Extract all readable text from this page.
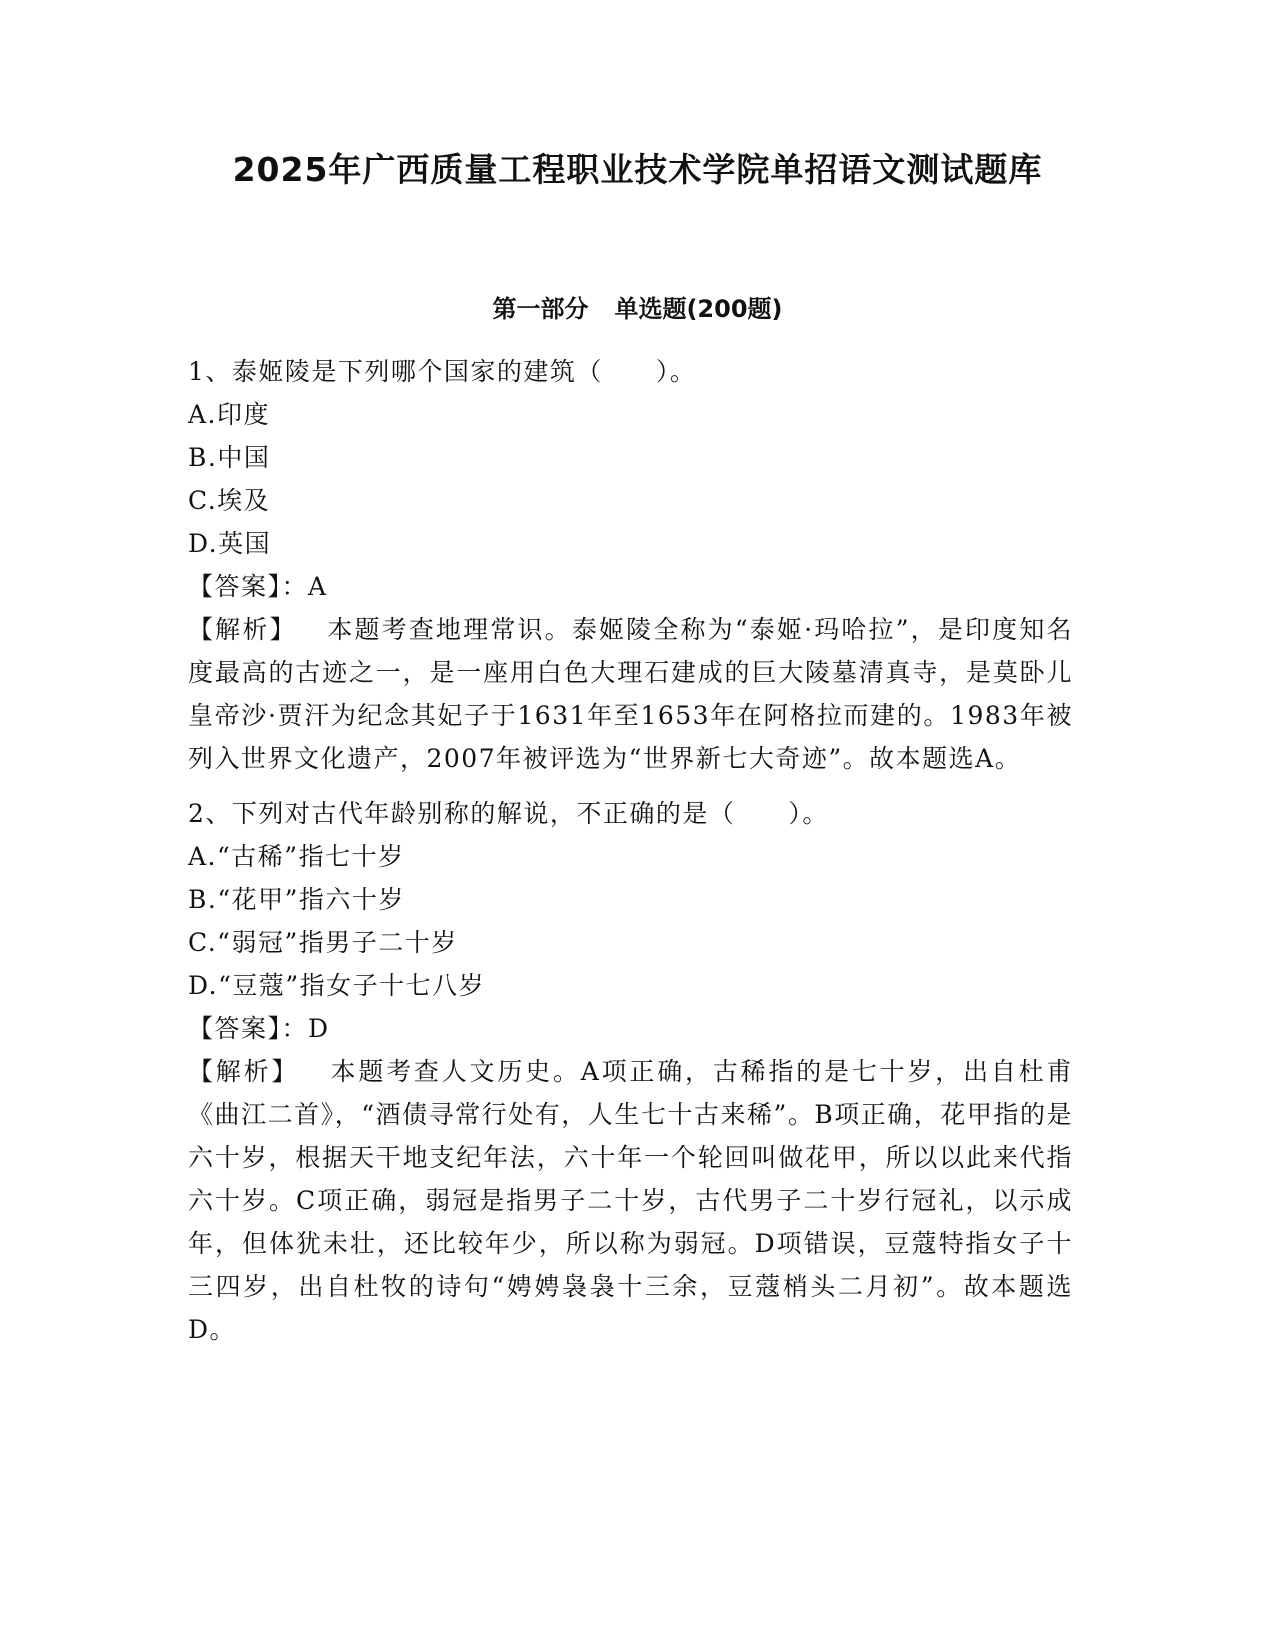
2025年广西质量工程职业技术学院单招语文测试题库
第一部分 单选题(200题)
1、泰姬陵是下列哪个国家的建筑（　　）。
A.印度
B.中国
C.埃及
D.英国
【答案】：A

【解析】 本题考查地理常识。泰姬陵全称为“泰姬·玛哈拉”，是印度知名度最高的古迹之一，是一座用白色大理石建成的巨大陵墓清真寺，是莫卧儿皇帝沙·贾汗为纪念其妃子于1631年至1653年在阿格拉而建的。1983年被列入世界文化遗产，2007年被评选为“世界新七大奇迹”。故本题选A。

2、下列对古代年龄别称的解说，不正确的是（　　）。
A.“古稀”指七十岁
B.“花甲”指六十岁
C.“弱冠”指男子二十岁
D.“豆蔻”指女子十七八岁
【答案】：D

【解析】 本题考查人文历史。A项正确，古稀指的是七十岁，出自杜甫《曲江二首》，“酒债寻常行处有，人生七十古来稀”。B项正确，花甲指的是六十岁，根据天干地支纪年法，六十年一个轮回叫做花甲，所以以此来代指六十岁。C项正确，弱冠是指男子二十岁，古代男子二十岁行冠礼，以示成年，但体犹未壮，还比较年少，所以称为弱冠。D项错误，豆蔻特指女子十三四岁，出自杜牧的诗句“娉娉袅袅十三余，豆蔻梢头二月初”。故本题选D。
